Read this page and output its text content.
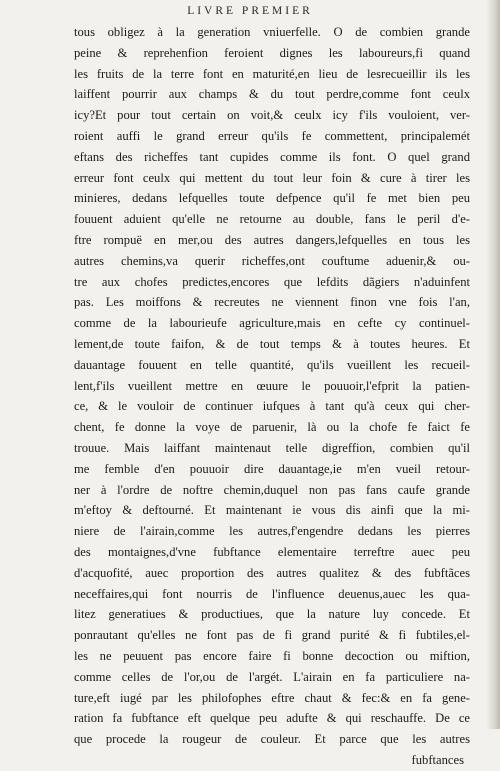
LIVRE PREMIER
tous obligez à la generation vniuerfelle. O de combien grande
peine & reprehenfion feroient dignes les laboureurs,fi quand
les fruits de la terre font en maturité,en lieu de lesrecueillir ils les
laiffent pourrir aux champs & du tout perdre,comme font ceulx
icy?Et pour tout certain on voit,& ceulx icy f'ils vouloient, ver-
roient auffi le grand erreur qu'ils fe commettent, principalemét
eftans des richeffes tant cupides comme ils font. O quel grand
erreur font ceulx qui mettent du tout leur foin & cure à tirer les
minieres, dedans lefquelles toute defpence qu'il fe met bien peu
fouuent aduient qu'elle ne retourne au double, fans le peril d'e-
ftre rompuë en mer,ou des autres dangers,lefquelles en tous les
autres chemins,va querir richeffes,ont couftume aduenir,& ou-
tre aux chofes predictes,encores que lefdits dãgiers n'aduinfent
pas. Les moiffons & recreutes ne viennent finon vne fois l'an,
comme de la labourieufe agriculture,mais en cefte cy continuel-
lement,de toute faifon, & de tout temps & à toutes heures. Et
dauantage fouuent en telle quantité, qu'ils vueillent les recueil-
lent,f'ils vueillent mettre en œuure le pouuoir,l'efprit la patien-
ce, & le vouloir de continuer iufques à tant qu'à ceux qui cher-
chent, fe donne la voye de paruenir, là ou la chofe fe faict fe
trouue. Mais laiffant maintenaut telle digreffion, combien qu'il
me femble d'en pouuoir dire dauantage,ie m'en vueil retour-
ner à l'ordre de noftre chemin,duquel non pas fans caufe grande
m'eftoy & deftourné. Et maintenant ie vous dis ainfi que la mi-
niere de l'airain,comme les autres,f'engendre dedans les pierres
des montaignes,d'vne fubftance elementaire terreftre auec peu
d'acquofité, auec proportion des autres qualitez & des fubftãces
neceffaires,qui font nourris de l'influence deuenus,auec les qua-
litez generatiues & productiues, que la nature luy concede. Et
ponrautant qu'elles ne font pas de fi grand purité & fi fubtiles,el-
les ne peuuent pas encore faire fi bonne decoction ou miftion,
comme celles de l'or,ou de l'argét. L'airain en fa particuliere na-
ture,eft iugé par les philofophes eftre chaut & fec:& en fa gene-
ration fa fubftance eft quelque peu adufte & qui reschauffe. De ce
que procede la rougeur de couleur. Et parce que les autres
fubftances
